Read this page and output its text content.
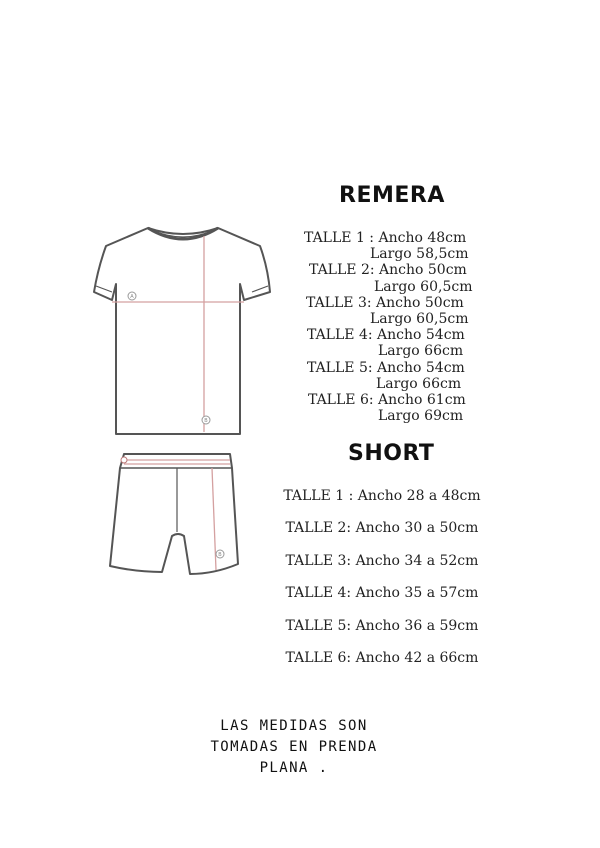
A
B
B
REMERA
TALLE 1 : Ancho 48cm
Largo 58,5cm
TALLE 2: Ancho 50cm
Largo 60,5cm
TALLE 3: Ancho 50cm
Largo 60,5cm
TALLE 4: Ancho 54cm
Largo 66cm
TALLE 5: Ancho 54cm
Largo 66cm
TALLE 6: Ancho 61cm
Largo 69cm
SHORT
TALLE 1 : Ancho 28 a 48cm
TALLE 2: Ancho 30 a 50cm
TALLE 3: Ancho 34 a 52cm
TALLE 4: Ancho 35 a 57cm
TALLE 5: Ancho 36 a 59cm
TALLE 6: Ancho 42 a 66cm
LAS MEDIDAS SON
TOMADAS EN PRENDA
PLANA .
